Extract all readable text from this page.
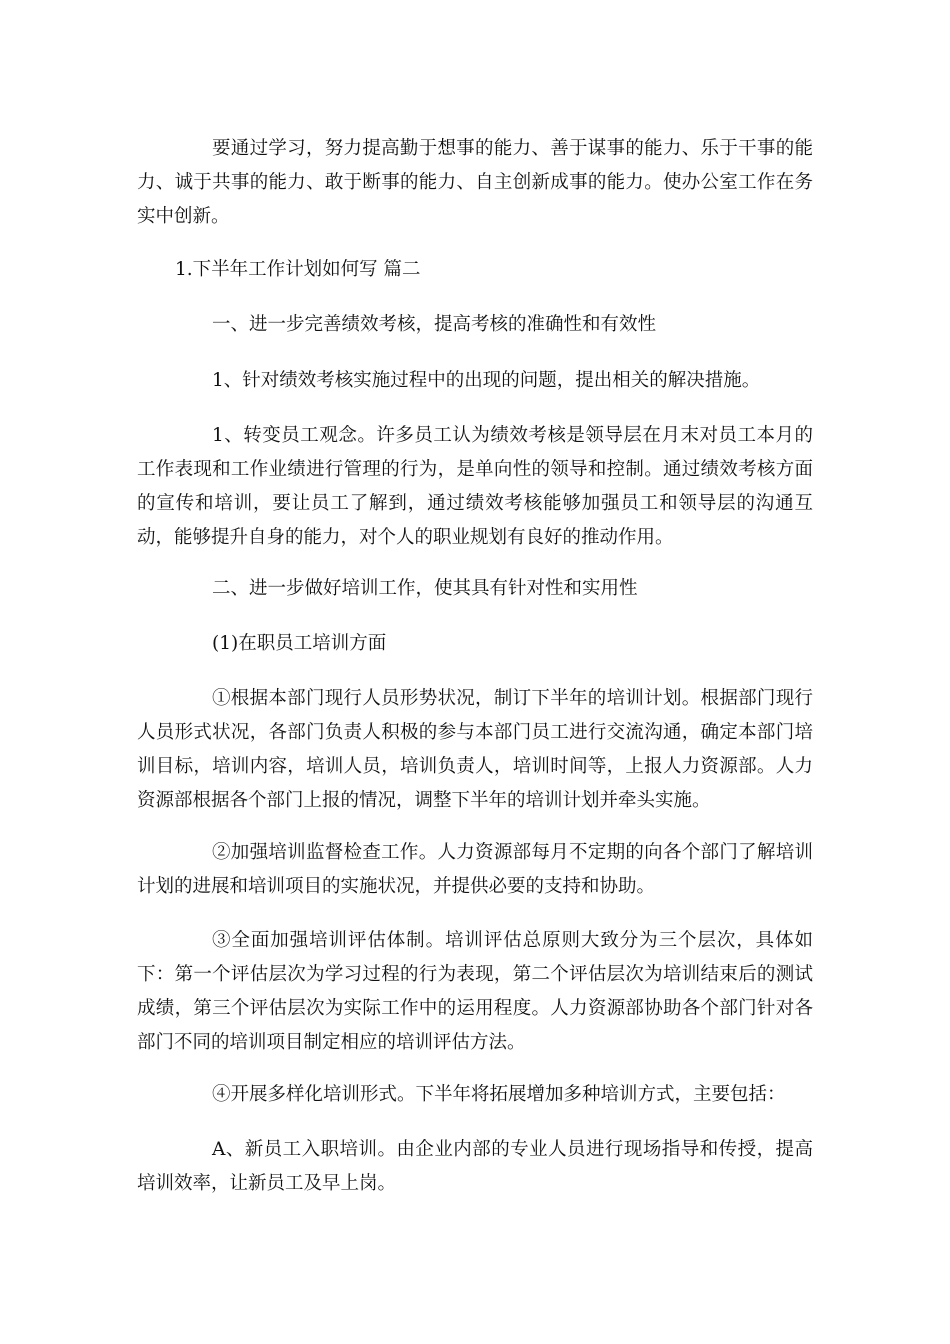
要通过学习，努力提高勤于想事的能力、善于谋事的能力、乐于干事的能力、诚于共事的能力、敢于断事的能力、自主创新成事的能力。使办公室工作在务实中创新。

1.下半年工作计划如何写 篇二

一、进一步完善绩效考核，提高考核的准确性和有效性

1、针对绩效考核实施过程中的出现的问题，提出相关的解决措施。

1、转变员工观念。许多员工认为绩效考核是领导层在月末对员工本月的工作表现和工作业绩进行管理的行为，是单向性的领导和控制。通过绩效考核方面的宣传和培训，要让员工了解到，通过绩效考核能够加强员工和领导层的沟通互动，能够提升自身的能力，对个人的职业规划有良好的推动作用。

二、进一步做好培训工作，使其具有针对性和实用性

(1)在职员工培训方面

①根据本部门现行人员形势状况，制订下半年的培训计划。根据部门现行人员形式状况，各部门负责人积极的参与本部门员工进行交流沟通，确定本部门培训目标，培训内容，培训人员，培训负责人，培训时间等，上报人力资源部。人力资源部根据各个部门上报的情况，调整下半年的培训计划并牵头实施。

②加强培训监督检查工作。人力资源部每月不定期的向各个部门了解培训计划的进展和培训项目的实施状况，并提供必要的支持和协助。

③全面加强培训评估体制。培训评估总原则大致分为三个层次，具体如下：第一个评估层次为学习过程的行为表现，第二个评估层次为培训结束后的测试成绩，第三个评估层次为实际工作中的运用程度。人力资源部协助各个部门针对各部门不同的培训项目制定相应的培训评估方法。

④开展多样化培训形式。下半年将拓展增加多种培训方式，主要包括：

A、新员工入职培训。由企业内部的专业人员进行现场指导和传授，提高培训效率，让新员工及早上岗。
